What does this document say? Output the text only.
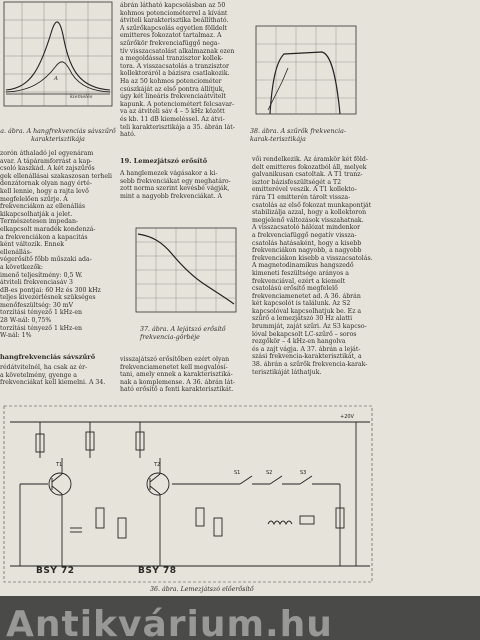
A
kiemelés
a. ábra. A hangfrekvenciás sávszűrő karakterisztikája

ábrán látható kapcsolásban az 50

kohmos potenciométerrel a kívánt

átviteli karakterisztika beállítható.

A szűrőkapcsolás egyetlen fölldelt

emitteres fokozatot tartalmaz. A

szűrőkör frekvenciafüggő nega-

tív visszacsatolást alkalmaznak ezen

a megoldással tranzisztor kollek-

tora. A visszacsatolás a tranzisztor

kollektoráról a bázisra csatlakozik.

Ha az 50 kohmos potenciométer

csúszkáját az első pontra állítjuk,

úgy két lineáris frekvenciaátvitelt

kapunk. A potenciométert felcsavar-

va az átviteli sáv 4 – 5 kHz között

és kb. 11 dB kiemeléssel. Az átvi-

teli karakterisztikája a 35. ábrán lát-

ható.	38. ábra. A szűrők frekvencia-karak-terisztikája

zorón áthaladó jel egyenáram

avar. A tápáramforrást a kap-

csoló kaszkád. A két zajszűrős

gek ellenállásai szakaszosan terheli

denzátornak olyan nagy érté-

kell lennie, hogy a rajta levő

megfelelően szűrje. A

frekvenciákon az ellenállás

kikapcsolhatják a jelet.

Természetesen impedan-

elkapcsolt maradék kondenzá-

a frekvenciákon a kapacitás

ként változik. Ennek

ellenállás-

végerősítő főbb műszaki ada-

a következők:

imenő teljesítmény: 0,5 W.

átviteli frekvenciasáv 3

dB-es pontjai: 60 Hz és 300 kHz

teljes kivezérlésnek szükséges

menőfeszültség: 30 mV

torzítási tényező 1 kHz-en

28 W-nál: 0,75%

torzítási tényező 1 kHz-en

W-nál: 1%

hangfrekvenciás sávszűrő

rédátvitelnél, ha csak az ér-

a követelmény, gyenge a

frekvenciákat kell kiemelni. A 34.

19. Lemezjátszó erősítő

A hanglemezek vágásakor a ki-

sebb frekvenciákat egy meghatáro-

zott norma szerint kevésbé vágják,

mint a nagyobb frekvenciákat. A

37. ábra. A lejátszó erősítő frekvencia-görbéje

visszajátszó erősítőben ezért olyan

frekvenciamenetet kell megvalósí-

tani, amely ennek a karakterisztiká-

nak a komplemense. A 36. ábrán lát-

ható erősítő a fenti karakterisztikát.

vői rendelkezik. Az áramkör két föld-

delt emitteres fokozatból áll, melyek

galvanikusan csatoltak. A T1 tranz-

isztor bázisfeszültségét a T2

emitterével veszik. A T1 kollekto-

rára T1 emitterén tárolt vissza-

csatolás az első fokozat munkapontját

stabilizálja azzal, hogy a kollektoron

megjelenő változások visszahatnak.

A visszacsatoló hálózat mindenkor

a frekvenciafüggő negatív vissza-

csatolás hatásaként, hogy a kisebb

frekvenciákon nagyobb, a nagyobb

frekvenciákon kisebb a visszacsatolás.

A magnetodinamikus hangszedő

kimeneti feszültsége arányos a

frekvenciával, ezért a kiemelt

csatolású erősítő megfelelő

frekvenciamenetet ad. A 36. ábrán

két kapcsolót is találunk. Az S2

kapcsolóval kapcsolhatjuk be. Ez a

szűrő a lemezjátszó 30 Hz alatti

brummját, zaját szűri. Az S3 kapcso-

lóval bekapcsolt LC-szűrő – soros

rezgőkör – 4 kHz-en hangolva

és a zajt vágja. A 37. ábrán a leját-

szási frekvencia-karakterisztikát, a

38. ábrán a szűrők frekvencia-karak-

terisztikáját láthatjuk.

T1	T2
S1	S2	S3
+20V
BSY 72	BSY 78
36. ábra. Lemezjátszó előerősítő
Antikvárium.hu
